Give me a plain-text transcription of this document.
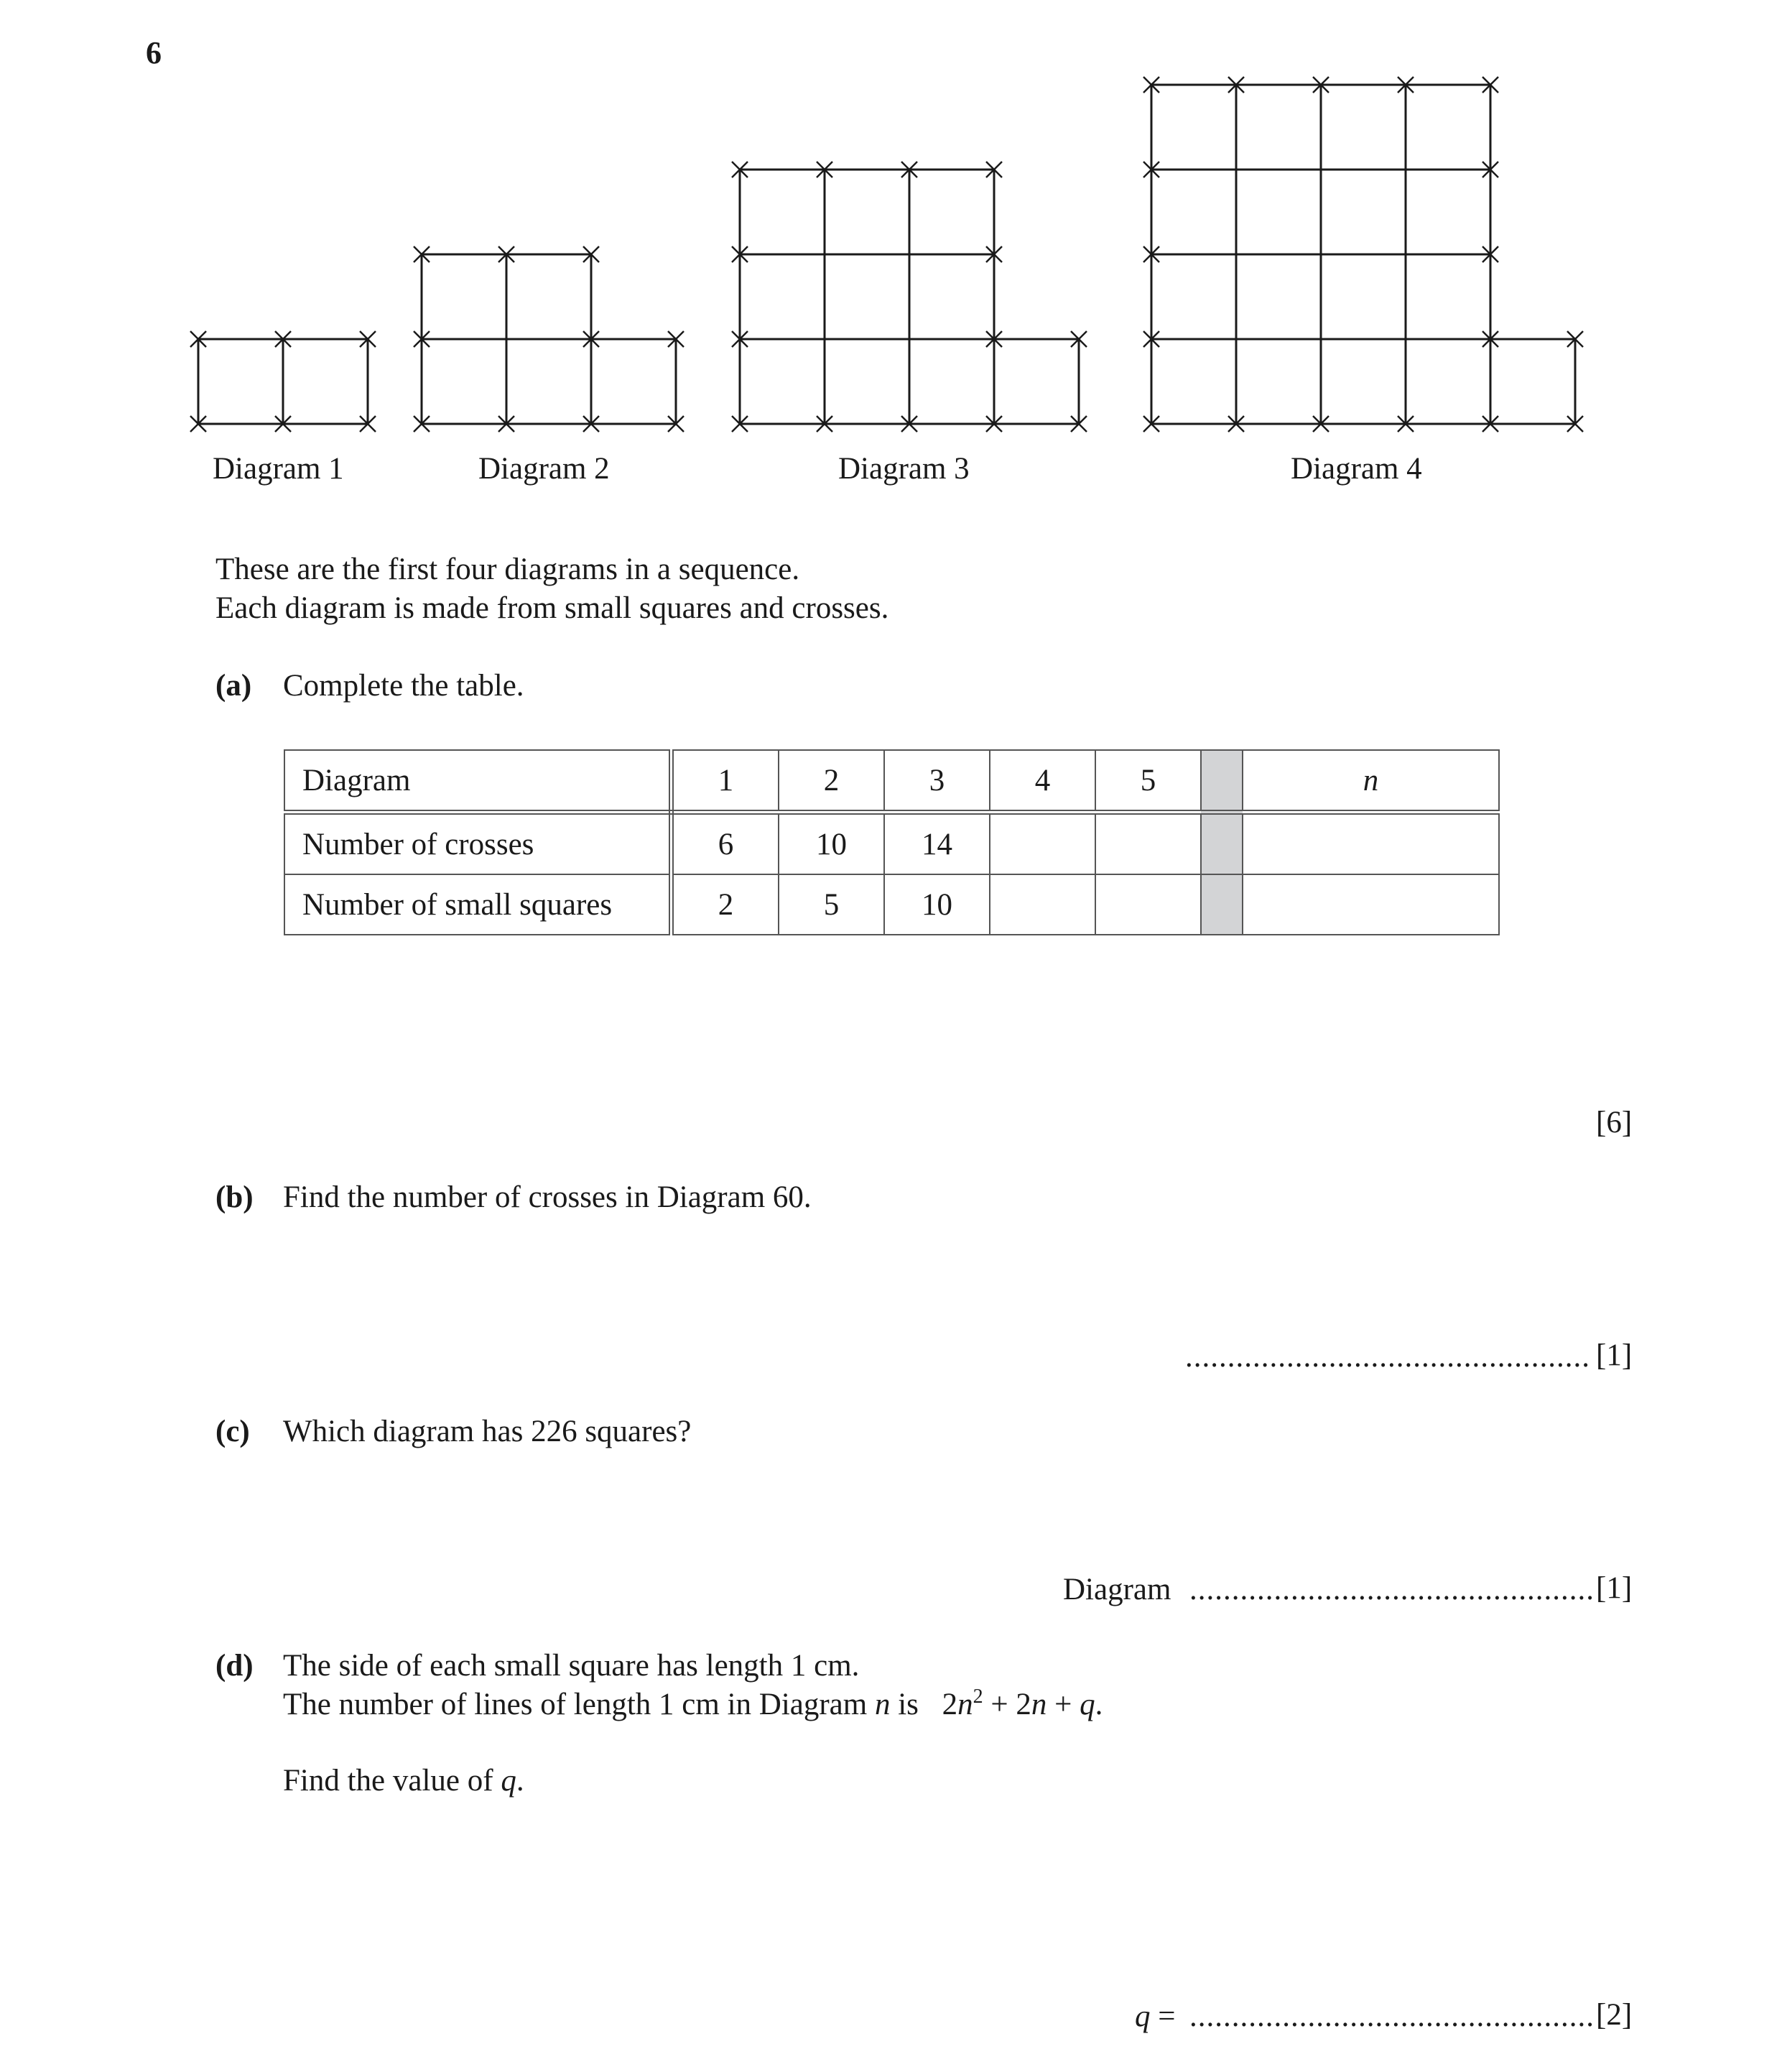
6
Diagram 1	Diagram 2	Diagram 3	Diagram 4
These are the first four diagrams in a sequence.
Each diagram is made from small squares and crosses.
(a) Complete the table.
Diagram	1	2	3	4	5		n
Number of crosses	6	10	14				
Number of small squares	2	5	10				
[6]
(b) Find the number of crosses in Diagram 60.
................................................ [1]
(c) Which diagram has 226 squares?
Diagram ................................................ [1]
(d) The side of each small square has length 1 cm.
The number of lines of length 1 cm in Diagram n is $2n^2 + 2n + q$.
Find the value of q.
q = ................................................ [2]
